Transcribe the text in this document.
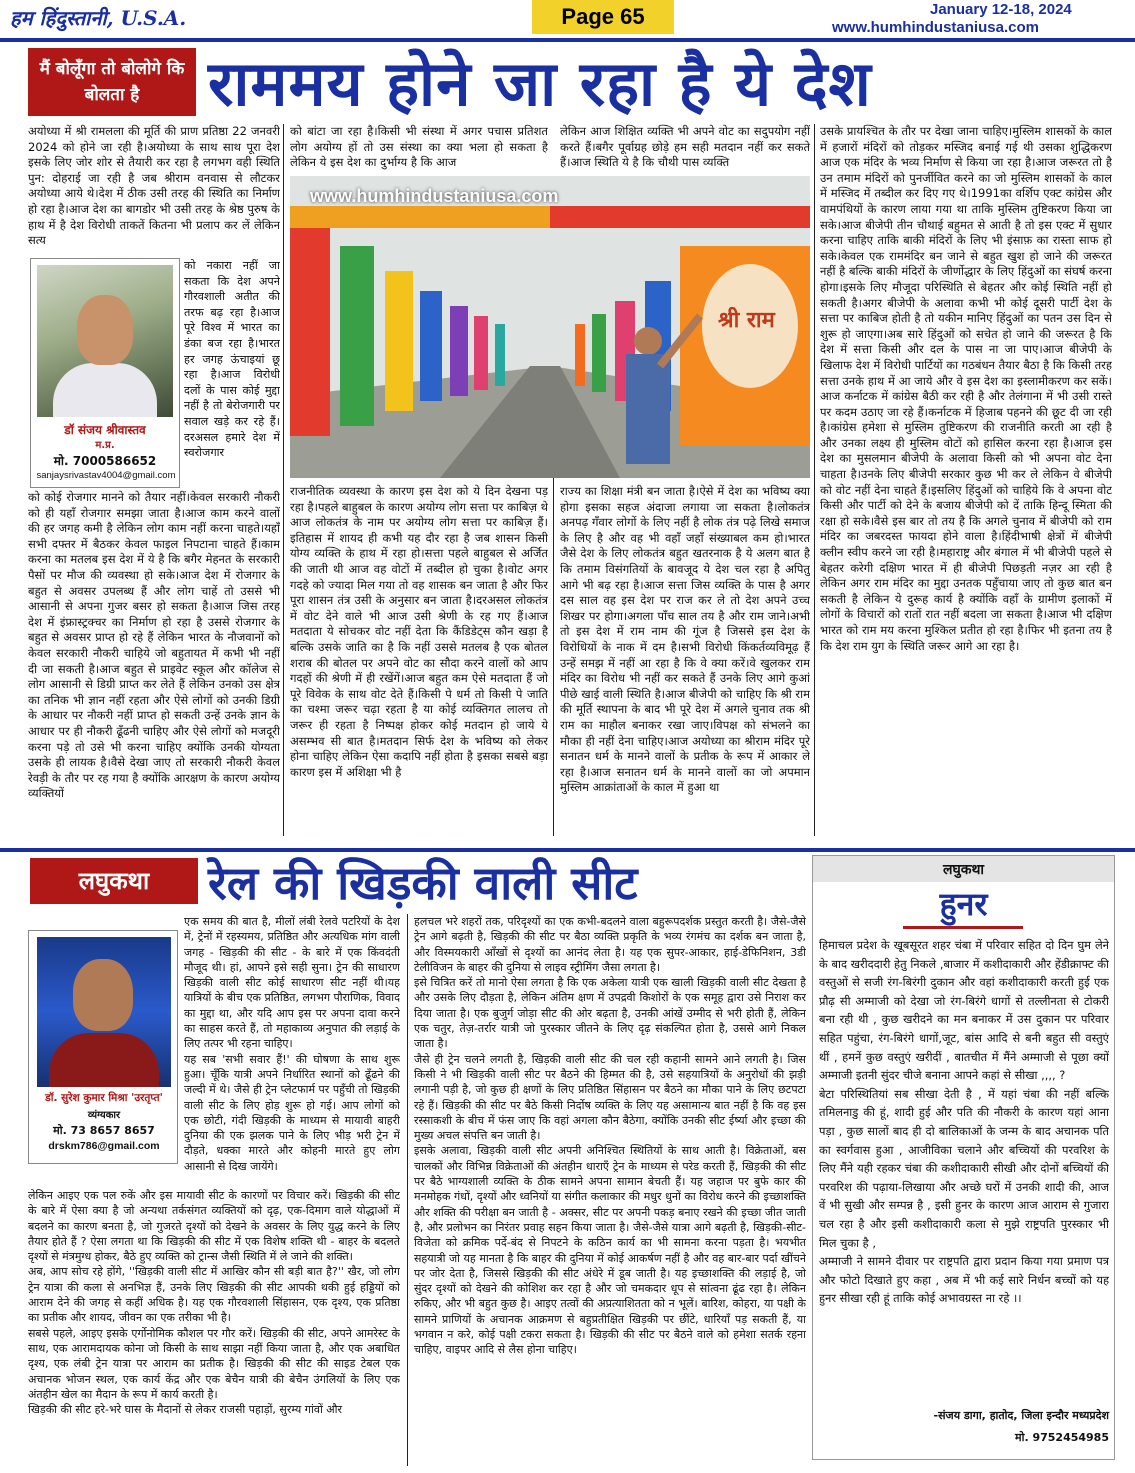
हम हिंदुस्तानी, U.S.A.	Page 65	January 12-18, 2024
www.humhindustaniusa.com
मैं बोलूँगा तो बोलोगे कि बोलता है	राममय होने जा रहा है ये देश
अयोध्या में श्री रामलला की मूर्ति की प्राण प्रतिष्ठा 22 जनवरी 2024 को होने जा रही है।अयोध्या के साथ साथ पूरा देश इसके लिए जोर शोर से तैयारी कर रहा है लगभग वही स्थिति पुन: दोहराई जा रही है जब श्रीराम वनवास से लौटकर अयोध्या आये थे।देश में ठीक उसी तरह की स्थिति का निर्माण हो रहा है।आज देश का बागडोर भी उसी तरह के श्रेष्ठ पुरुष के हाथ में है देश विरोधी ताकतें कितना भी प्रलाप कर लें लेकिन सत्य
डॉ संजय श्रीवास्तव
म.प्र.
मो. 7000586652
sanjaysrivastav4004@gmail.com
को नकारा नहीं जा सकता कि देश अपने गौरवशाली अतीत की तरफ बढ़ रहा है।आज पूरे विश्व में भारत का डंका बज रहा है।भारत हर जगह ऊंचाइयां छू रहा है।आज विरोधी दलों के पास कोई मुद्दा नहीं है तो बेरोजगारी पर सवाल खड़े कर रहे हैं।दरअसल हमारे देश में स्वरोजगार
को कोई रोजगार मानने को तैयार नहीं।केवल सरकारी नौकरी को ही यहाँ रोजगार समझा जाता है।आज काम करने वालों की हर जगह कमी है लेकिन लोग काम नहीं करना चाहते।यहाँ सभी दफ्तर में बैठकर केवल फाइल निपटाना चाहते हैं।काम करना का मतलब इस देश में ये है कि बगैर मेहनत के सरकारी पैसों पर मौज की व्यवस्था हो सके।आज देश में रोजगार के बहुत से अवसर उपलब्ध हैं और लोग चाहें तो उससे भी आसानी से अपना गुजर बसर हो सकता है।आज जिस तरह देश में इंफ्रास्ट्रक्चर का निर्माण हो रहा है उससे रोजगार के बहुत से अवसर प्राप्त हो रहे हैं लेकिन भारत के नौजवानों को केवल सरकारी नौकरी चाहिये जो बहुतायत में कभी भी नहीं दी जा सकती है।आज बहुत से प्राइवेट स्कूल और कॉलेज से लोग आसानी से डिग्री प्राप्त कर लेते हैं लेकिन उनको उस क्षेत्र का तनिक भी ज्ञान नहीं रहता और ऐसे लोगों को उनकी डिग्री के आधार पर नौकरी नहीं प्राप्त हो सकती उन्हें उनके ज्ञान के आधार पर ही नौकरी ढूँढनी चाहिए और ऐसे लोगों को मजदूरी करना पड़े तो उसे भी करना चाहिए क्योंकि उनकी योग्यता उसके ही लायक है।वैसे देखा जाए तो सरकारी नौकरी केवल रेवड़ी के तौर पर रह गया है क्योंकि आरक्षण के कारण अयोग्य व्यक्तियों
को बांटा जा रहा है।किसी भी संस्था में अगर पचास प्रतिशत लोग अयोग्य हों तो उस संस्था का क्या भला हो सकता है लेकिन ये इस देश का दुर्भाग्य है कि आज
लेकिन आज शिक्षित व्यक्ति भी अपने वोट का सदुपयोग नहीं करते हैं।बगैर पूर्वाग्रह छोड़े हम सही मतदान नहीं कर सकते हैं।आज स्थिति ये है कि चौथी पास व्यक्ति
www.humhindustaniusa.com
श्री राम
राजनीतिक व्यवस्था के कारण इस देश को ये दिन देखना पड़ रहा है।पहले बाहुबल के कारण अयोग्य लोग सत्ता पर काबिज़ थे आज लोकतंत्र के नाम पर अयोग्य लोग सत्ता पर काबिज़ हैं।इतिहास में शायद ही कभी यह दौर रहा है जब शासन किसी योग्य व्यक्ति के हाथ में रहा हो।सत्ता पहले बाहुबल से अर्जित की जाती थी आज वह वोटों में तब्दील हो चुका है।वोट अगर गदहे को ज्यादा मिल गया तो वह शासक बन जाता है और फिर पूरा शासन तंत्र उसी के अनुसार बन जाता है।दरअसल लोकतंत्र में वोट देने वाले भी आज उसी श्रेणी के रह गए हैं।आज मतदाता ये सोचकर वोट नहीं देता कि कैंडिडेट्स कौन खड़ा है बल्कि उसके जाति का है कि नहीं उससे मतलब है एक बोतल शराब की बोतल पर अपने वोट का सौदा करने वालों को आप गदहों की श्रेणी में ही रखेंगें।आज बहुत कम ऐसे मतदाता हैं जो पूरे विवेक के साथ वोट देते हैं।किसी पे धर्म तो किसी पे जाति का चश्मा जरूर चढ़ा रहता है या कोई व्यक्तिगत लालच तो जरूर ही रहता है निष्पक्ष होकर कोई मतदान हो जाये ये असम्भव सी बात है।मतदान सिर्फ देश के भविष्य को लेकर होना चाहिए लेकिन ऐसा कदापि नहीं होता है इसका सबसे बड़ा कारण इस में अशिक्षा भी है
राज्य का शिक्षा मंत्री बन जाता है।ऐसे में देश का भविष्य क्या होगा इसका सहज अंदाजा लगाया जा सकता है।लोकतंत्र अनपढ़ गँवार लोगों के लिए नहीं है लोक तंत्र पढ़े लिखे समाज के लिए है और वह भी वहाँ जहाँ संख्याबल कम हो।भारत जैसे देश के लिए लोकतंत्र बहुत खतरनाक है ये अलग बात है कि तमाम विसंगतियों के बावजूद ये देश चल रहा है अपितु आगे भी बढ़ रहा है।आज सत्ता जिस व्यक्ति के पास है अगर दस साल वह इस देश पर राज कर ले तो देश अपने उच्च शिखर पर होगा।अगला पाँच साल तय है और राम जाने।अभी तो इस देश में राम नाम की गूंज है जिससे इस देश के विरोधियों के नाक में दम है।सभी विरोधी किंकर्तव्यविमूढ़ हैं उन्हें समझ में नहीं आ रहा है कि वे क्या करें।वे खुलकर राम मंदिर का विरोध भी नहीं कर सकते हैं उनके लिए आगे कुआं पीछे खाई वाली स्थिति है।आज बीजेपी को चाहिए कि श्री राम की मूर्ति स्थापना के बाद भी पूरे देश में अगले चुनाव तक श्री राम का माहौल बनाकर रखा जाए।विपक्ष को संभलने का मौका ही नहीं देना चाहिए।आज अयोध्या का श्रीराम मंदिर पूरे सनातन धर्म के मानने वालों के प्रतीक के रूप में आकार ले रहा है।आज सनातन धर्म के मानने वालों का जो अपमान मुस्लिम आक्रांताओं के काल में हुआ था
उसके प्रायश्चित के तौर पर देखा जाना चाहिए।मुस्लिम शासकों के काल में हजारों मंदिरों को तोड़कर मस्जिद बनाई गई थी उसका शुद्धिकरण आज एक मंदिर के भव्य निर्माण से किया जा रहा है।आज जरूरत तो है उन तमाम मंदिरों को पुनर्जीवित करने का जो मुस्लिम शासकों के काल में मस्जिद में तब्दील कर दिए गए थे।1991का वर्शिप एक्ट कांग्रेस और वामपंथियों के कारण लाया गया था ताकि मुस्लिम तुष्टिकरण किया जा सके।आज बीजेपी तीन चौथाई बहुमत से आती है तो इस एक्ट में सुधार करना चाहिए ताकि बाकी मंदिरों के लिए भी इंसाफ़ का रास्ता साफ हो सके।केवल एक राममंदिर बन जाने से बहुत खुश हो जाने की जरूरत नहीं है बल्कि बाकी मंदिरों के जीर्णोद्धार के लिए हिंदुओं का संघर्ष करना होगा।इसके लिए मौजूदा परिस्थिति से बेहतर और कोई स्थिति नहीं हो सकती है।अगर बीजेपी के अलावा कभी भी कोई दूसरी पार्टी देश के सत्ता पर काबिज होती है तो यकीन मानिए हिंदुओं का पतन उस दिन से शुरू हो जाएगा।अब सारे हिंदुओं को सचेत हो जाने की जरूरत है कि देश में सत्ता किसी और दल के पास ना जा पाए।आज बीजेपी के खिलाफ देश में विरोधी पार्टियों का गठबंधन तैयार बैठा है कि किसी तरह सत्ता उनके हाथ में आ जाये और वे इस देश का इस्लामीकरण कर सकें।आज कर्नाटक में कांग्रेस बैठी कर रही है और तेलंगाना में भी उसी रास्ते पर कदम उठाए जा रहे हैं।कर्नाटक में हिजाब पहनने की छूट दी जा रही है।कांग्रेस हमेशा से मुस्लिम तुष्टिकरण की राजनीति करती आ रही है और उनका लक्ष्य ही मुस्लिम वोटों को हासिल करना रहा है।आज इस देश का मुसलमान बीजेपी के अलावा किसी को भी अपना वोट देना चाहता है।उनके लिए बीजेपी सरकार कुछ भी कर ले लेकिन वे बीजेपी को वोट नहीं देना चाहते हैं।इसलिए हिंदुओं को चाहिये कि वे अपना वोट किसी और पार्टी को देने के बजाय बीजेपी को दें ताकि हिन्दू स्मिता की रक्षा हो सके।वैसे इस बार तो तय है कि अगले चुनाव में बीजेपी को राम मंदिर का जबरदस्त फायदा होने वाला है।हिंदीभाषी क्षेत्रों में बीजेपी क्लीन स्वीप करने जा रही है।महाराष्ट्र और बंगाल में भी बीजेपी पहले से बेहतर करेगी दक्षिण भारत में ही बीजेपी पिछड़ती नज़र आ रही है लेकिन अगर राम मंदिर का मुद्दा उनतक पहुँचाया जाए तो कुछ बात बन सकती है लेकिन ये दुरूह कार्य है क्योंकि वहाँ के ग्रामीण इलाकों में लोगों के विचारों को रातों रात नहीं बदला जा सकता है।आज भी दक्षिण भारत को राम मय करना मुश्किल प्रतीत हो रहा है।फिर भी इतना तय है कि देश राम युग के स्थिति जरूर आगे आ रहा है।
लघुकथा	रेल की खिड़की वाली सीट
डॉ. सुरेश कुमार मिश्रा 'उरतृप्त'
व्यंग्यकार
मो. 73 8657 8657
drskm786@gmail.com
एक समय की बात है, मीलों लंबी रेलवे पटरियों के देश में, ट्रेनों में रहस्यमय, प्रतिष्ठित और अत्यधिक मांग वाली जगह - खिड़की की सीट - के बारे में एक किंवदंती मौजूद थी। हां, आपने इसे सही सुना। ट्रेन की साधारण खिड़की वाली सीट कोई साधारण सीट नहीं थी।यह यात्रियों के बीच एक प्रतिष्ठित, लगभग पौराणिक, विवाद का मुद्दा था, और यदि आप इस पर अपना दावा करने का साहस करते हैं, तो महाकाव्य अनुपात की लड़ाई के लिए तत्पर भी रहना चाहिए।
यह सब 'सभी सवार हैं!' की घोषणा के साथ शुरू हुआ। चूँकि यात्री अपने निर्धारित स्थानों को ढूँढने की जल्दी में थे। जैसे ही ट्रेन प्लेटफार्म पर पहुँची तो खिड़की वाली सीट के लिए होड़ शुरू हो गई। आप लोगों को एक छोटी, गंदी खिड़की के माध्यम से मायावी बाहरी दुनिया की एक झलक पाने के लिए भीड़ भरी ट्रेन में दौड़ते, धक्का मारते और कोहनी मारते हुए लोग आसानी से दिख जायेंगे।
लेकिन आइए एक पल रुकें और इस मायावी सीट के कारणों पर विचार करें। खिड़की की सीट के बारे में ऐसा क्या है जो अन्यथा तर्कसंगत व्यक्तियों को दृढ़, एक-दिमाग वाले योद्धाओं में बदलने का कारण बनता है, जो गुजरते दृश्यों को देखने के अवसर के लिए युद्ध करने के लिए तैयार होते हैं ? ऐसा लगता था कि खिड़की की सीट में एक विशेष शक्ति थी - बाहर के बदलते दृश्यों से मंत्रमुग्ध होकर, बैठे हुए व्यक्ति को ट्रान्स जैसी स्थिति में ले जाने की शक्ति।
अब, आप सोच रहे होंगे, ''खिड़की वाली सीट में आखिर कौन सी बड़ी बात है?'' खैर, जो लोग ट्रेन यात्रा की कला से अनभिज्ञ हैं, उनके लिए खिड़की की सीट आपकी थकी हुई हड्डियों को आराम देने की जगह से कहीं अधिक है। यह एक गौरवशाली सिंहासन, एक दृश्य, एक प्रतिष्ठा का प्रतीक और शायद, जीवन का एक तरीका भी है।
सबसे पहले, आइए इसके एर्गोनोमिक कौशल पर गौर करें। खिड़की की सीट, अपने आमरेस्ट के साथ, एक आरामदायक कोना जो किसी के साथ साझा नहीं किया जाता है, और एक अबाधित दृश्य, एक लंबी ट्रेन यात्रा पर आराम का प्रतीक है। खिड़की की सीट की साइड टेबल एक अचानक भोजन स्थल, एक कार्य केंद्र और एक बेचैन यात्री की बेचैन उंगलियों के लिए एक अंतहीन खेल का मैदान के रूप में कार्य करती है।
खिड़की की सीट हरे-भरे घास के मैदानों से लेकर राजसी पहाड़ों, सुरम्य गांवों और
हलचल भरे शहरों तक, परिदृश्यों का एक कभी-बदलने वाला बहुरूपदर्शक प्रस्तुत करती है। जैसे-जैसे ट्रेन आगे बढ़ती है, खिड़की की सीट पर बैठा व्यक्ति प्रकृति के भव्य रंगमंच का दर्शक बन जाता है, और विस्मयकारी आँखों से दृश्यों का आनंद लेता है। यह एक सुपर-आकार, हाई-डेफिनिशन, 3डी टेलीविजन के बाहर की दुनिया से लाइव स्ट्रीमिंग जैसा लगता है।
इसे चित्रित करें तो मानो ऐसा लगता है कि एक अकेला यात्री एक खाली खिड़की वाली सीट देखता है और उसके लिए दौड़ता है, लेकिन अंतिम क्षण में उपद्रवी किशोरों के एक समूह द्वारा उसे निराश कर दिया जाता है। एक बुजुर्ग जोड़ा सीट की ओर बढ़ता है, उनकी आंखें उम्मीद से भरी होती हैं, लेकिन एक चतुर, तेज़-तर्रार यात्री जो पुरस्कार जीतने के लिए दृढ़ संकल्पित होता है, उससे आगे निकल जाता है।
जैसे ही ट्रेन चलने लगती है, खिड़की वाली सीट की चल रही कहानी सामने आने लगती है। जिस किसी ने भी खिड़की वाली सीट पर बैठने की हिम्मत की है, उसे सहयात्रियों के अनुरोधों की झड़ी लगानी पड़ी है, जो कुछ ही क्षणों के लिए प्रतिष्ठित सिंहासन पर बैठने का मौका पाने के लिए छटपटा रहे हैं। खिड़की की सीट पर बैठे किसी निर्दोष व्यक्ति के लिए यह असामान्य बात नहीं है कि वह इस रस्साकशी के बीच में फंस जाए कि वहां अगला कौन बैठेगा, क्योंकि उनकी सीट ईर्ष्या और इच्छा की मुख्य अचल संपत्ति बन जाती है।
इसके अलावा, खिड़की वाली सीट अपनी अनिश्चित स्थितियों के साथ आती है। विक्रेताओं, बस चालकों और विभिन्न विक्रेताओं की अंतहीन धाराएँ ट्रेन के माध्यम से परेड करती हैं, खिड़की की सीट पर बैठे भाग्यशाली व्यक्ति के ठीक सामने अपना सामान बेचती हैं। यह जहाज पर बुफे कार की मनमोहक गंधों, दृश्यों और ध्वनियों या संगीत कलाकार की मधुर धुनों का विरोध करने की इच्छाशक्ति और शक्ति की परीक्षा बन जाती है - अक्सर, सीट पर अपनी पकड़ बनाए रखने की इच्छा जीत जाती है, और प्रलोभन का निरंतर प्रवाह सहन किया जाता है। जैसे-जैसे यात्रा आगे बढ़ती है, खिड़की-सीट-विजेता को क्रमिक पर्दे-बंद से निपटने के कठिन कार्य का भी सामना करना पड़ता है। भयभीत सहयात्री जो यह मानता है कि बाहर की दुनिया में कोई आकर्षण नहीं है और वह बार-बार पर्दा खींचने पर जोर देता है, जिससे खिड़की की सीट अंधेरे में डूब जाती है। यह इच्छाशक्ति की लड़ाई है, जो सुंदर दृश्यों को देखने की कोशिश कर रहा है और जो चमकदार धूप से सांत्वना ढूंढ रहा है। लेकिन रुकिए, और भी बहुत कुछ है। आइए तत्वों की अप्रत्याशितता को न भूलें। बारिश, कोहरा, या पक्षी के सामने प्राणियों के अचानक आक्रमण से बहुप्रतीक्षित खिड़की पर छींटे, धारियाँ पड़ सकती हैं, या भगवान न करे, कोई पक्षी टकरा सकता है। खिड़की की सीट पर बैठने वाले को हमेशा सतर्क रहना चाहिए, वाइपर आदि से लैस होना चाहिए।
लघुकथा
हुनर
हिमाचल प्रदेश के खूबसूरत शहर चंबा में परिवार सहित दो दिन घुम लेने के बाद खरीददारी हेतु निकले ,बाजार में कशीदाकारी और हेंडीक्राफ्ट की वस्तुओं से सजी रंग-बिरंगी दुकान और वहां कशीदाकारी करती हुई एक प्रौढ़ सी अम्माजी को देखा जो रंग-बिरंगे धागों से तल्लीनता से टोकरी बना रही थी , कुछ खरीदने का मन बनाकर में उस दुकान पर परिवार सहित पहुंचा, रंग-बिरंगे धागों,जूट, बांस आदि से बनी बहुत सी वस्तुएं थीं , हमनें कुछ वस्तुएं खरीदीं , बातचीत में मैंने अम्माजी से पूछा क्यों अम्माजी इतनी सुंदर चीजे बनाना आपने कहां से सीखा ,,,, ?
बेटा परिस्थितियां सब सीखा देती है , में यहां चंबा की नहीं बल्कि तमिलनाडु की हूं, शादी हुई और पति की नौकरी के कारण यहां आना पड़ा , कुछ सालों बाद ही दो बालिकाओं के जन्म के बाद अचानक पति का स्वर्गवास हुआ , आजीविका चलाने और बच्चियों की परवरिश के लिए मैंने यही रहकर चंबा की कशीदाकारी सीखी और दोनों बच्चियों की परवरिश की पढ़ाया-लिखाया और अच्छे घरों में उनकी शादी की, आज वें भी सुखी और सम्पन्न है , इसी हुनर के कारण आज आराम से गुजारा चल रहा है और इसी कशीदाकारी कला से मुझे राष्ट्रपति पुरस्कार भी मिल चुका है ,
अम्माजी ने सामने दीवार पर राष्ट्रपति द्वारा प्रदान किया गया प्रमाण पत्र और फोटो दिखाते हुए कहा , अब में भी कई सारे निर्धन बच्चों को यह हुनर सीखा रही हूं ताकि कोई अभावग्रस्त ना रहे ।।
-संजय डागा, हातोद, जिला इन्दौर मध्यप्रदेश
मो. 9752454985
